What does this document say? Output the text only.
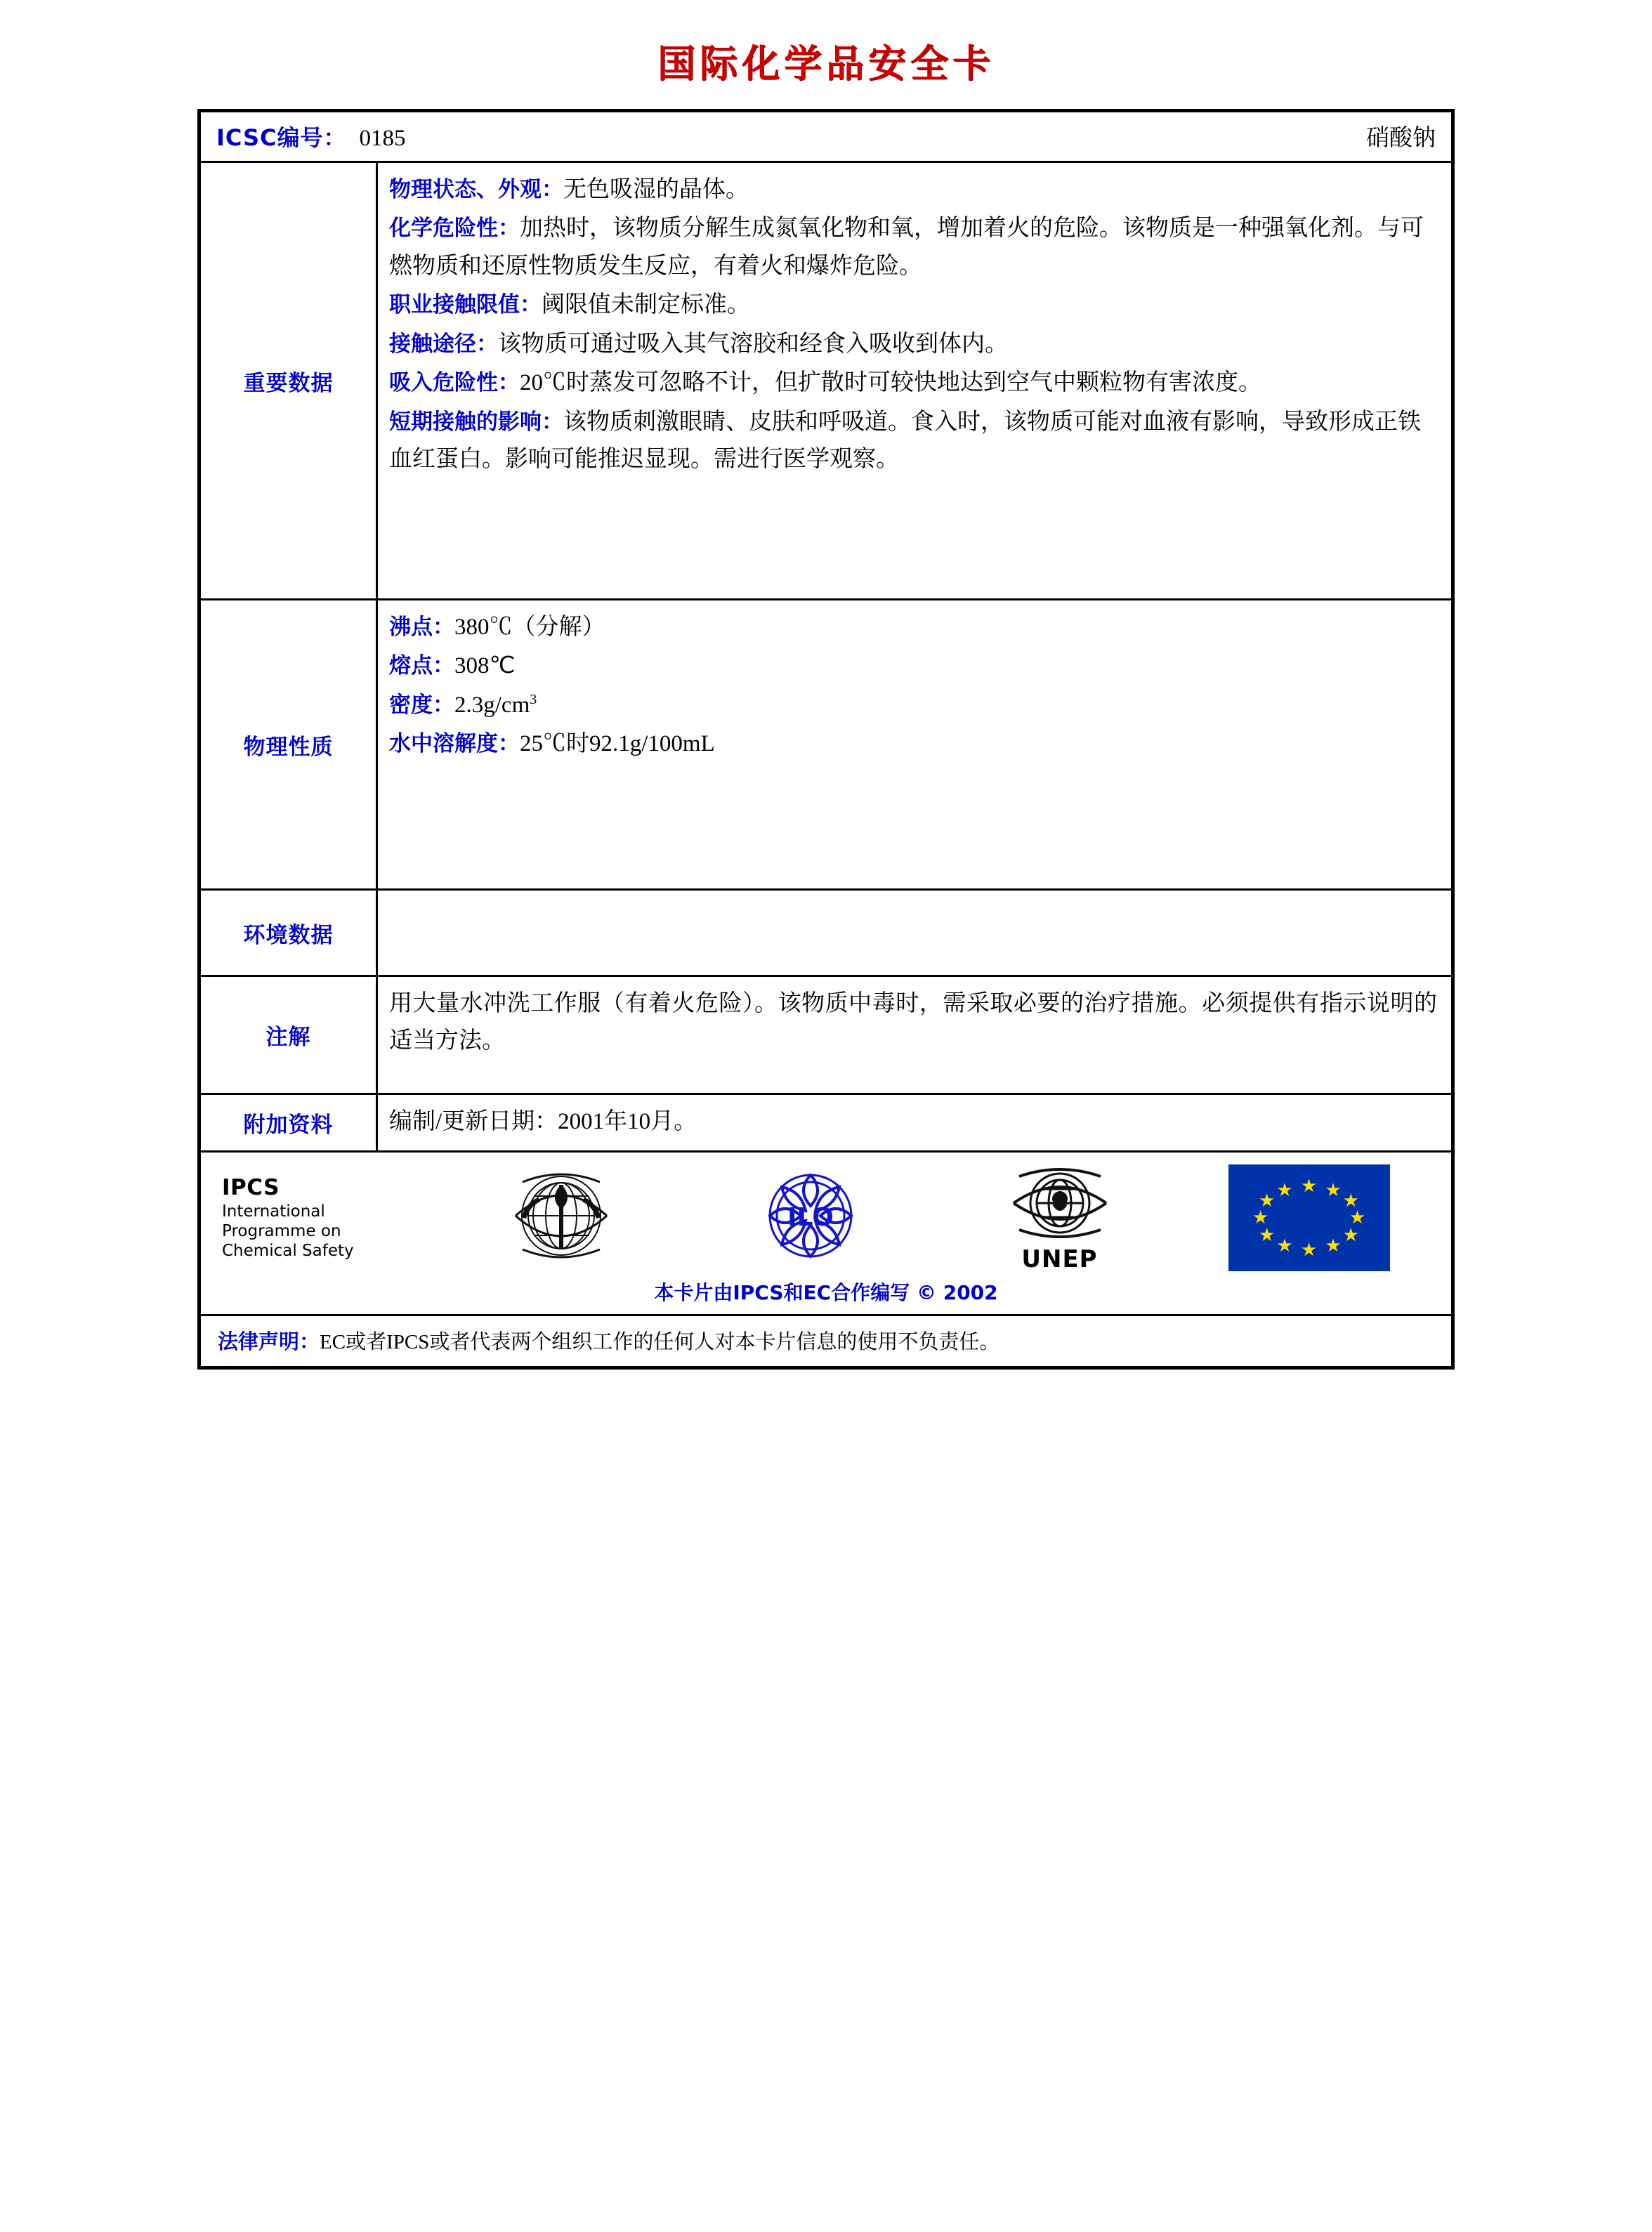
国际化学品安全卡
ICSC编号： 0185	硝酸钠
重要数据

物理状态、外观：无色吸湿的晶体。

化学危险性：加热时，该物质分解生成氮氧化物和氧，增加着火的危险。该物质是一种强氧化剂。与可燃物质和还原性物质发生反应，有着火和爆炸危险。

职业接触限值：阈限值未制定标准。

接触途径：该物质可通过吸入其气溶胶和经食入吸收到体内。

吸入危险性：20℃时蒸发可忽略不计，但扩散时可较快地达到空气中颗粒物有害浓度。

短期接触的影响：该物质刺激眼睛、皮肤和呼吸道。食入时，该物质可能对血液有影响，导致形成正铁血红蛋白。影响可能推迟显现。需进行医学观察。

物理性质

沸点：380℃（分解）

熔点：308℃

密度：$2.3g/cm^3$

水中溶解度：25℃时92.1g/100mL

环境数据
注解
用大量水冲洗工作服（有着火危险）。该物质中毒时，需采取必要的治疗措施。必须提供有指示说明的适当方法。
附加资料	编制/更新日期：2001年10月。
IPCS
International
Programme on
Chemical Safety
ILO
UNEP
★ ★
★
★
★
★
★
★
★
★
★
★
本卡片由IPCS和EC合作编写 © 2002
法律声明： EC或者IPCS或者代表两个组织工作的任何人对本卡片信息的使用不负责任。
